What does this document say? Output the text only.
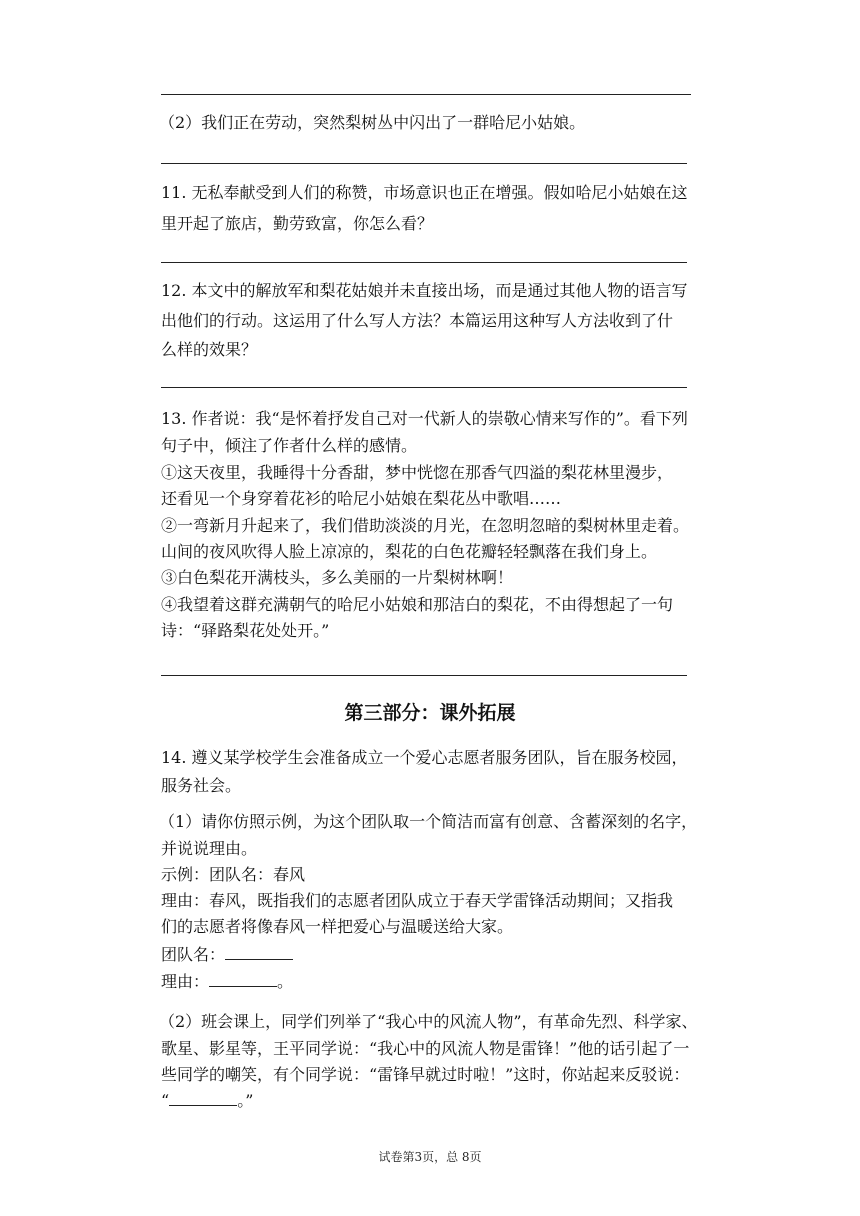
（2）我们正在劳动，突然梨树丛中闪出了一群哈尼小姑娘。
11. 无私奉献受到人们的称赞，市场意识也正在增强。假如哈尼小姑娘在这
里开起了旅店，勤劳致富，你怎么看？
12. 本文中的解放军和梨花姑娘并未直接出场，而是通过其他人物的语言写
出他们的行动。这运用了什么写人方法？本篇运用这种写人方法收到了什
么样的效果？
13. 作者说：我“是怀着抒发自己对一代新人的崇敬心情来写作的”。看下列
句子中，倾注了作者什么样的感情。
①这天夜里，我睡得十分香甜，梦中恍惚在那香气四溢的梨花林里漫步，
还看见一个身穿着花衫的哈尼小姑娘在梨花丛中歌唱……
②一弯新月升起来了，我们借助淡淡的月光，在忽明忽暗的梨树林里走着。
山间的夜风吹得人脸上凉凉的，梨花的白色花瓣轻轻飘落在我们身上。
③白色梨花开满枝头，多么美丽的一片梨树林啊！
④我望着这群充满朝气的哈尼小姑娘和那洁白的梨花，不由得想起了一句
诗：“驿路梨花处处开。”
第三部分：课外拓展
14. 遵义某学校学生会准备成立一个爱心志愿者服务团队，旨在服务校园，
服务社会。
（1）请你仿照示例，为这个团队取一个简洁而富有创意、含蓄深刻的名字，
并说说理由。
示例：团队名：春风
理由：春风，既指我们的志愿者团队成立于春天学雷锋活动期间；又指我
们的志愿者将像春风一样把爱心与温暖送给大家。
团队名：
理由：	。
（2）班会课上，同学们列举了“我心中的风流人物”，有革命先烈、科学家、
歌星、影星等，王平同学说：“我心中的风流人物是雷锋！”他的话引起了一
些同学的嘲笑，有个同学说：“雷锋早就过时啦！”这时，你站起来反驳说：
“	。”
试卷第3页，总 8页
